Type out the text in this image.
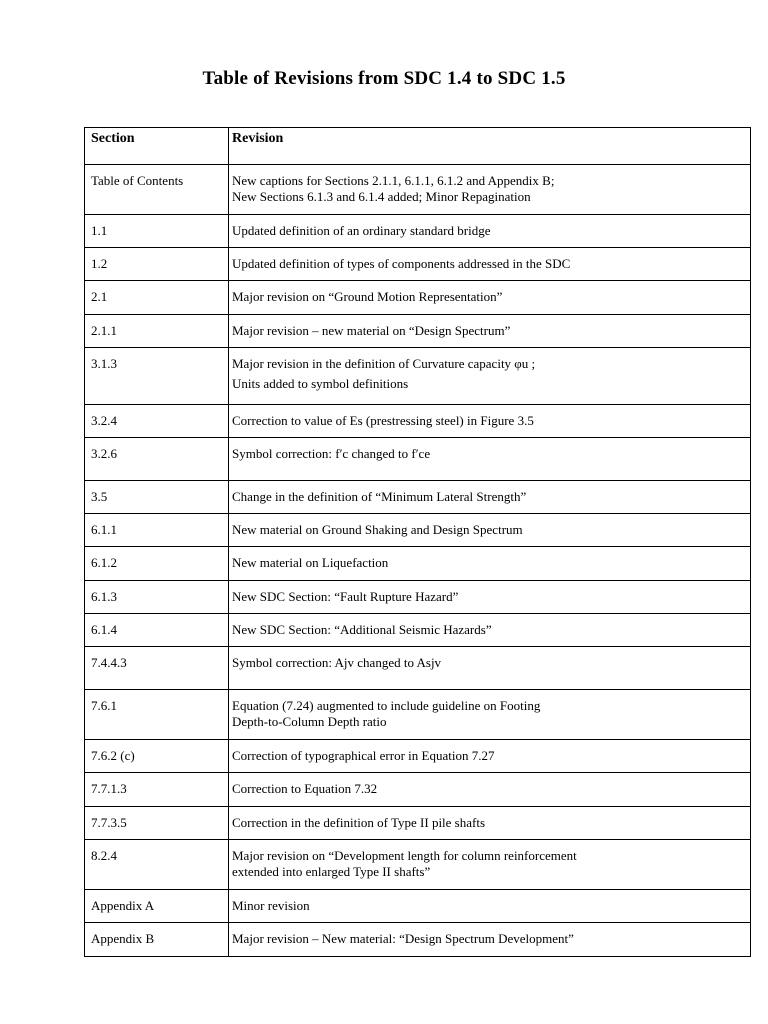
Table of Revisions from SDC 1.4 to SDC 1.5
Section	Revision

Table of Contents	New captions for Sections 2.1.1, 6.1.1, 6.1.2 and Appendix B;
New Sections 6.1.3 and 6.1.4 added; Minor Repagination

1.1	Updated definition of an ordinary standard bridge

1.2	Updated definition of types of components addressed in the SDC

2.1	Major revision on “Ground Motion Representation”

2.1.1	Major revision – new material on “Design Spectrum”

3.1.3	Major revision in the definition of Curvature capacity φu ;
Units added to symbol definitions

3.2.4	Correction to value of Es (prestressing steel) in Figure 3.5

3.2.6	Symbol correction: f′c changed to f′ce

3.5	Change in the definition of “Minimum Lateral Strength”

6.1.1	New material on Ground Shaking and Design Spectrum

6.1.2	New material on Liquefaction

6.1.3	New SDC Section: “Fault Rupture Hazard”

6.1.4	New SDC Section: “Additional Seismic Hazards”

7.4.4.3	Symbol correction: Ajv changed to Asjv

7.6.1	Equation (7.24) augmented to include guideline on Footing
Depth-to-Column Depth ratio

7.6.2 (c)	Correction of typographical error in Equation 7.27

7.7.1.3	Correction to Equation 7.32

7.7.3.5	Correction in the definition of Type II pile shafts

8.2.4	Major revision on “Development length for column reinforcement
extended into enlarged Type II shafts”

Appendix A	Minor revision

Appendix B	Major revision – New material: “Design Spectrum Development”
